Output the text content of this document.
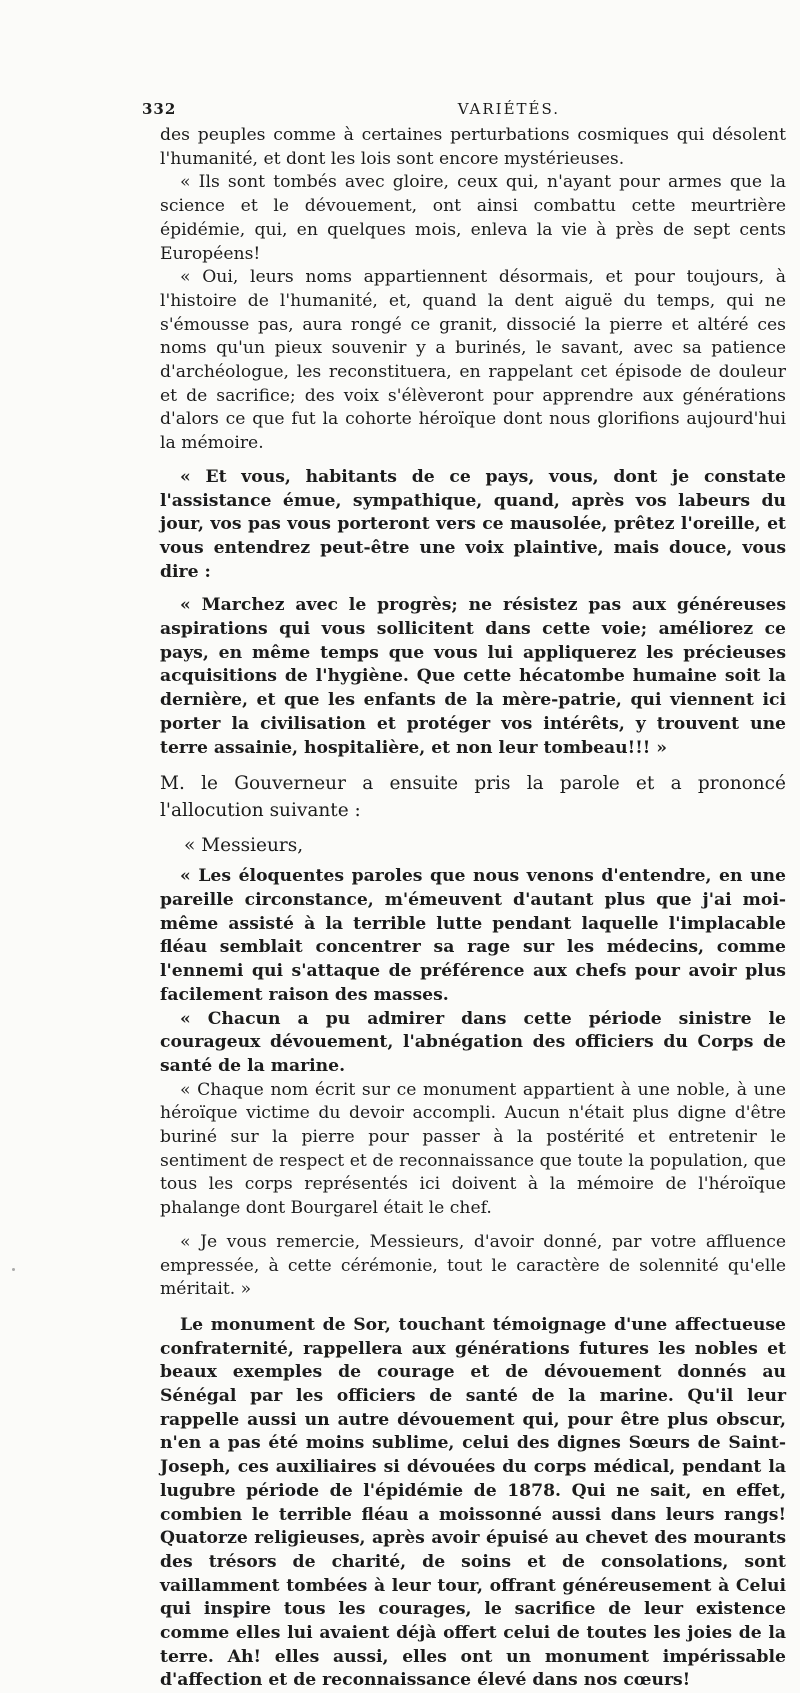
332	VARIÉTÉS.

des peuples comme à certaines perturbations cosmiques qui désolent l'humanité, et dont les lois sont encore mystérieuses.

« Ils sont tombés avec gloire, ceux qui, n'ayant pour armes que la science et le dévouement, ont ainsi combattu cette meurtrière épidémie, qui, en quelques mois, enleva la vie à près de sept cents Européens!

« Oui, leurs noms appartiennent désormais, et pour toujours, à l'histoire de l'humanité, et, quand la dent aiguë du temps, qui ne s'émousse pas, aura rongé ce granit, dissocié la pierre et altéré ces noms qu'un pieux souvenir y a burinés, le savant, avec sa patience d'archéologue, les reconstituera, en rappelant cet épisode de douleur et de sacrifice; des voix s'élèveront pour apprendre aux générations d'alors ce que fut la cohorte héroïque dont nous glorifions aujourd'hui la mémoire.

« Et vous, habitants de ce pays, vous, dont je constate l'assistance émue, sympathique, quand, après vos labeurs du jour, vos pas vous porteront vers ce mausolée, prêtez l'oreille, et vous entendrez peut-être une voix plaintive, mais douce, vous dire :

« Marchez avec le progrès; ne résistez pas aux généreuses aspirations qui vous sollicitent dans cette voie; améliorez ce pays, en même temps que vous lui appliquerez les précieuses acquisitions de l'hygiène. Que cette hécatombe humaine soit la dernière, et que les enfants de la mère-patrie, qui viennent ici porter la civilisation et protéger vos intérêts, y trouvent une terre assainie, hospitalière, et non leur tombeau!!! »

M. le Gouverneur a ensuite pris la parole et a prononcé l'allocution suivante :

« Messieurs,

« Les éloquentes paroles que nous venons d'entendre, en une pareille circonstance, m'émeuvent d'autant plus que j'ai moi-même assisté à la terrible lutte pendant laquelle l'implacable fléau semblait concentrer sa rage sur les médecins, comme l'ennemi qui s'attaque de préférence aux chefs pour avoir plus facilement raison des masses.

« Chacun a pu admirer dans cette période sinistre le courageux dévouement, l'abnégation des officiers du Corps de santé de la marine.

« Chaque nom écrit sur ce monument appartient à une noble, à une héroïque victime du devoir accompli. Aucun n'était plus digne d'être buriné sur la pierre pour passer à la postérité et entretenir le sentiment de respect et de reconnaissance que toute la population, que tous les corps représentés ici doivent à la mémoire de l'héroïque phalange dont Bourgarel était le chef.

« Je vous remercie, Messieurs, d'avoir donné, par votre affluence empressée, à cette cérémonie, tout le caractère de solennité qu'elle méritait. »

Le monument de Sor, touchant témoignage d'une affectueuse confraternité, rappellera aux générations futures les nobles et beaux exemples de courage et de dévouement donnés au Sénégal par les officiers de santé de la marine. Qu'il leur rappelle aussi un autre dévouement qui, pour être plus obscur, n'en a pas été moins sublime, celui des dignes Sœurs de Saint-Joseph, ces auxiliaires si dévouées du corps médical, pendant la lugubre période de l'épidémie de 1878. Qui ne sait, en effet, combien le terrible fléau a moissonné aussi dans leurs rangs! Quatorze religieuses, après avoir épuisé au chevet des mourants des trésors de charité, de soins et de consolations, sont vaillamment tombées à leur tour, offrant généreusement à Celui qui inspire tous les courages, le sacrifice de leur existence comme elles lui avaient déjà offert celui de toutes les joies de la terre. Ah! elles aussi, elles ont un monument impérissable d'affection et de reconnaissance élevé dans nos cœurs!
